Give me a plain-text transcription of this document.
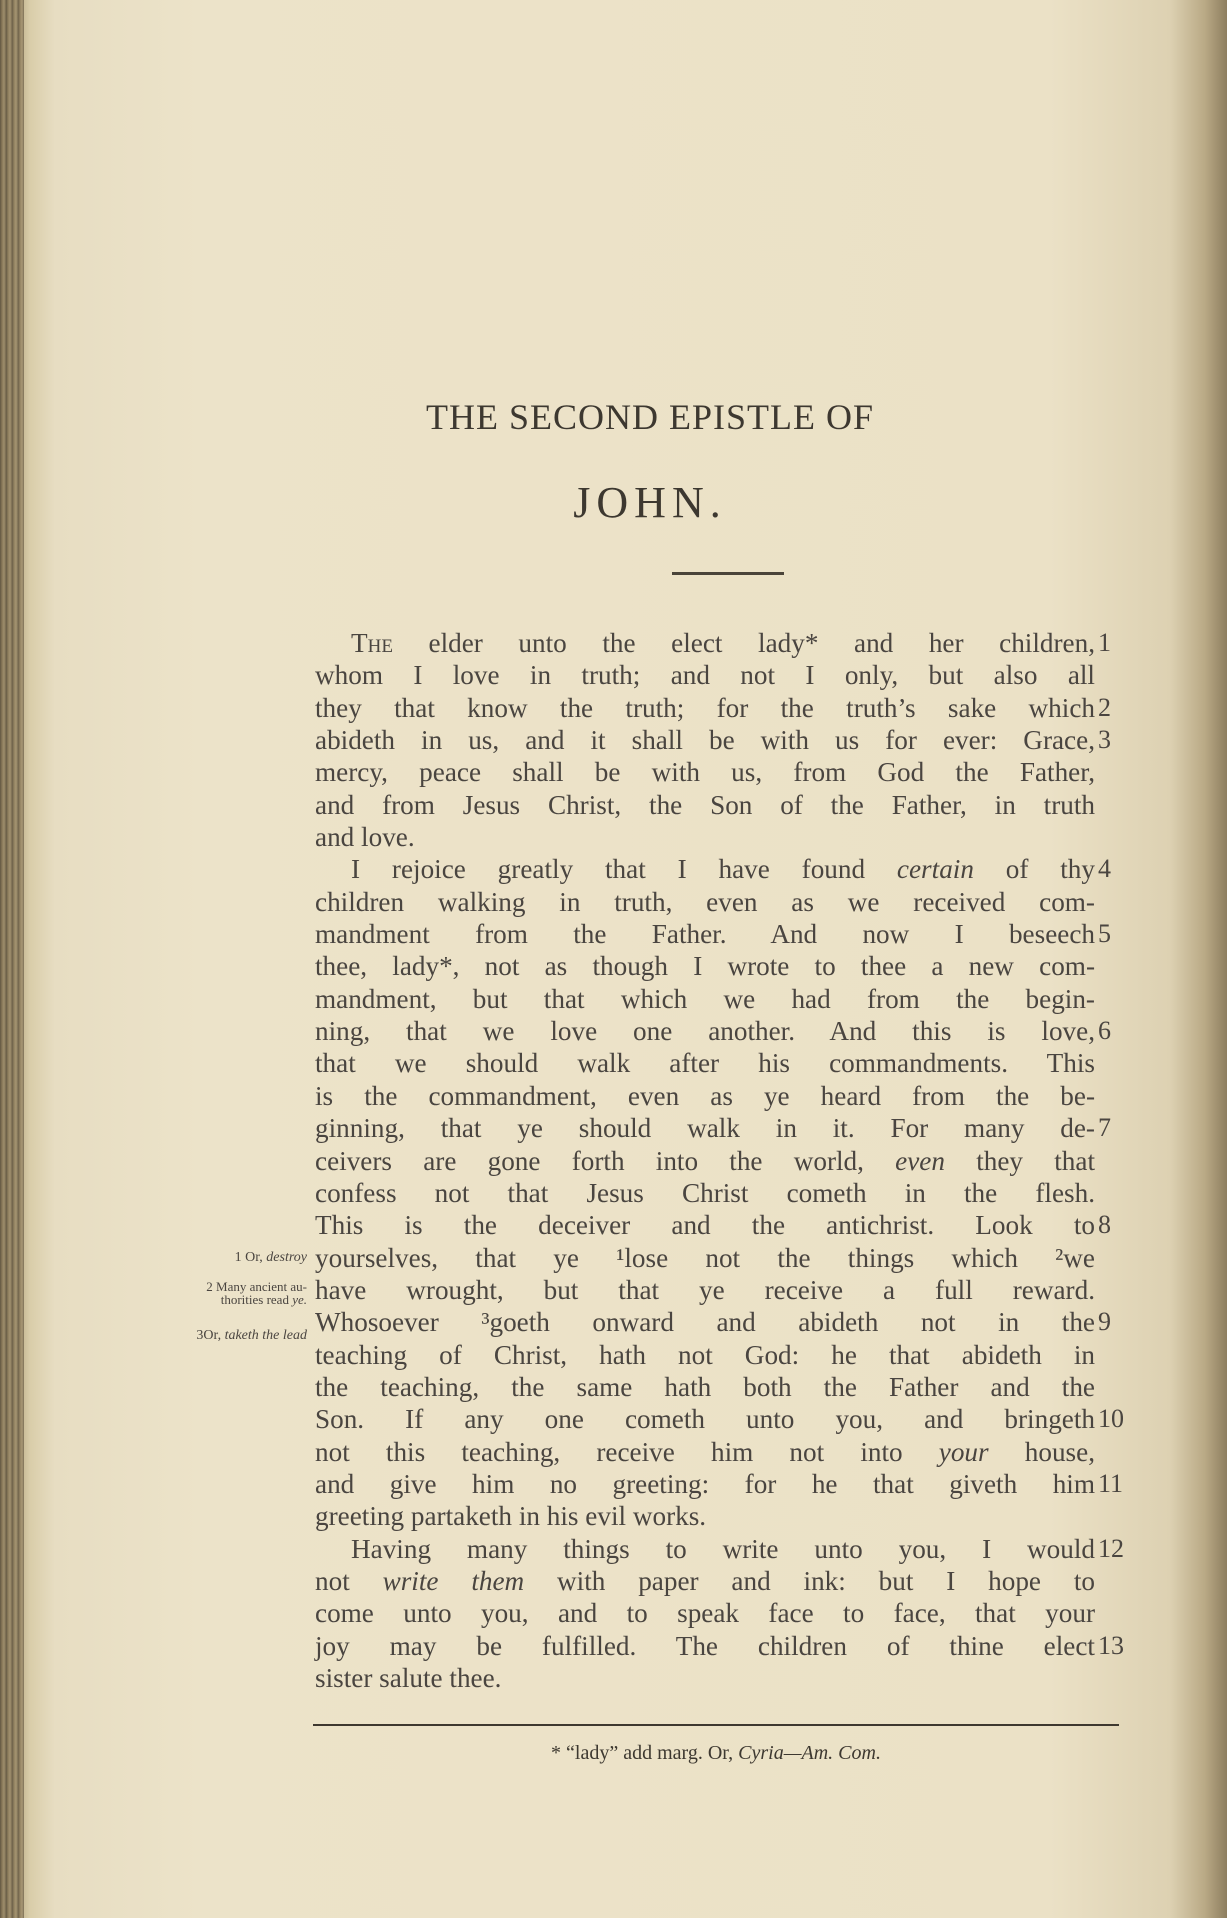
THE SECOND EPISTLE OF
JOHN.
The elder unto the elect lady* and her children,
whom I love in truth; and not I only, but also all
they that know the truth; for the truth’s sake which
abideth in us, and it shall be with us for ever: Grace,
mercy, peace shall be with us, from God the Father,
and from Jesus Christ, the Son of the Father, in truth
and love.
I rejoice greatly that I have found certain of thy
children walking in truth, even as we received com-
mandment from the Father. And now I beseech
thee, lady*, not as though I wrote to thee a new com-
mandment, but that which we had from the begin-
ning, that we love one another. And this is love,
that we should walk after his commandments. This
is the commandment, even as ye heard from the be-
ginning, that ye should walk in it. For many de-
ceivers are gone forth into the world, even they that
confess not that Jesus Christ cometh in the flesh.
This is the deceiver and the antichrist. Look to
yourselves, that ye ¹lose not the things which ²we
have wrought, but that ye receive a full reward.
Whosoever ³goeth onward and abideth not in the
teaching of Christ, hath not God: he that abideth in
the teaching, the same hath both the Father and the
Son. If any one cometh unto you, and bringeth
not this teaching, receive him not into your house,
and give him no greeting: for he that giveth him
greeting partaketh in his evil works.
Having many things to write unto you, I would
not write them with paper and ink: but I hope to
come unto you, and to speak face to face, that your
joy may be fulfilled. The children of thine elect
sister salute thee.
1
2
3
4
5
6
7
8
9
10
11
12
13
1 Or, destroy
2 Many ancient au-
thorities read ye.
3Or, taketh the lead
* “lady” add marg. Or, Cyria—Am. Com.
